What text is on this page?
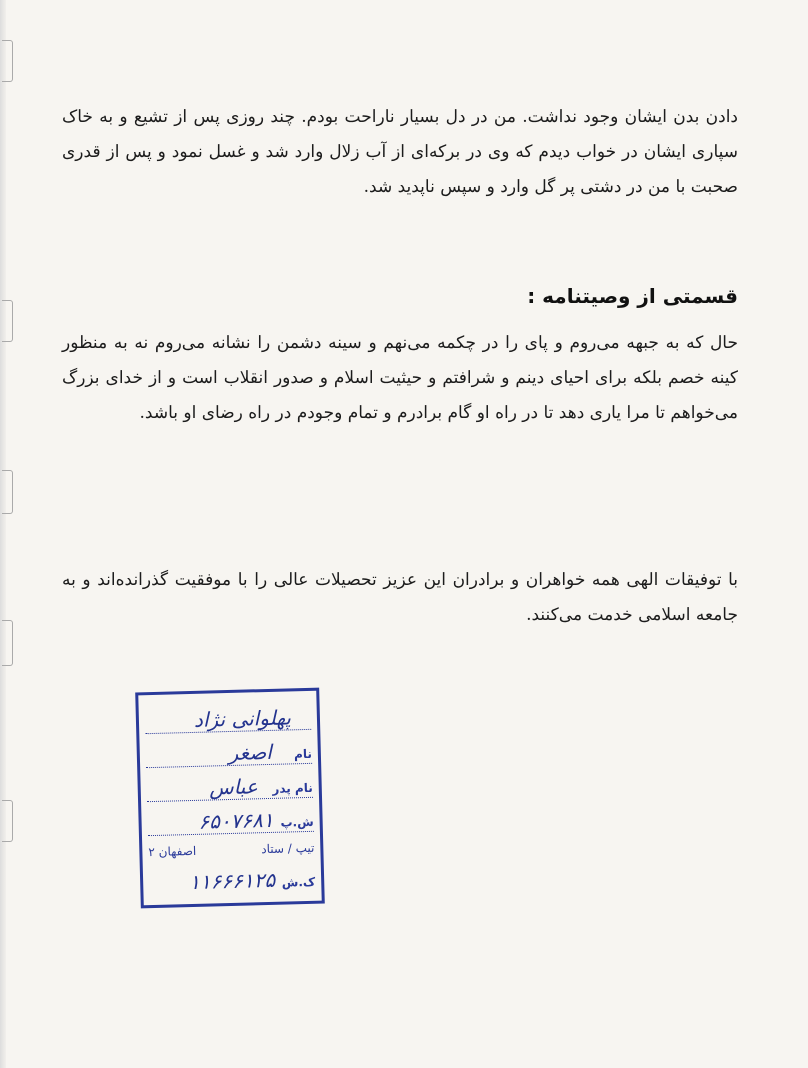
دادن بدن ایشان وجود نداشت. من در دل بسیار ناراحت بودم. چند روزی پس از تشیع و به خاک سپاری ایشان در خواب دیدم که وی در برکه‌ای از آب زلال وارد شد و غسل نمود و پس از قدری صحبت با من در دشتی پر گل وارد و سپس ناپدید شد.

قسمتی از وصیتنامه :

حال که به جبهه می‌روم و پای را در چکمه می‌نهم و سینه دشمن را نشانه می‌روم نه به منظور کینه خصم بلکه برای احیای دینم و شرافتم و حیثیت اسلام و صدور انقلاب است و از خدای بزرگ می‌خواهم تا مرا یاری دهد تا در راه او گام برادرم و تمام وجودم در راه رضای او باشد.

با توفیقات الهی همه خواهران و برادران این عزیز تحصیلات عالی را با موفقیت گذرانده‌اند و به جامعه اسلامی خدمت می‌کنند.

پهلوانی نژاد
نام
اصغر
نام پدر
عباس
ش.پ
۶۵۰۷۶۸۱
تیپ / ستاد
اصفهان ۲
ک.ش
۱۱۶۶۶۱۲۵
